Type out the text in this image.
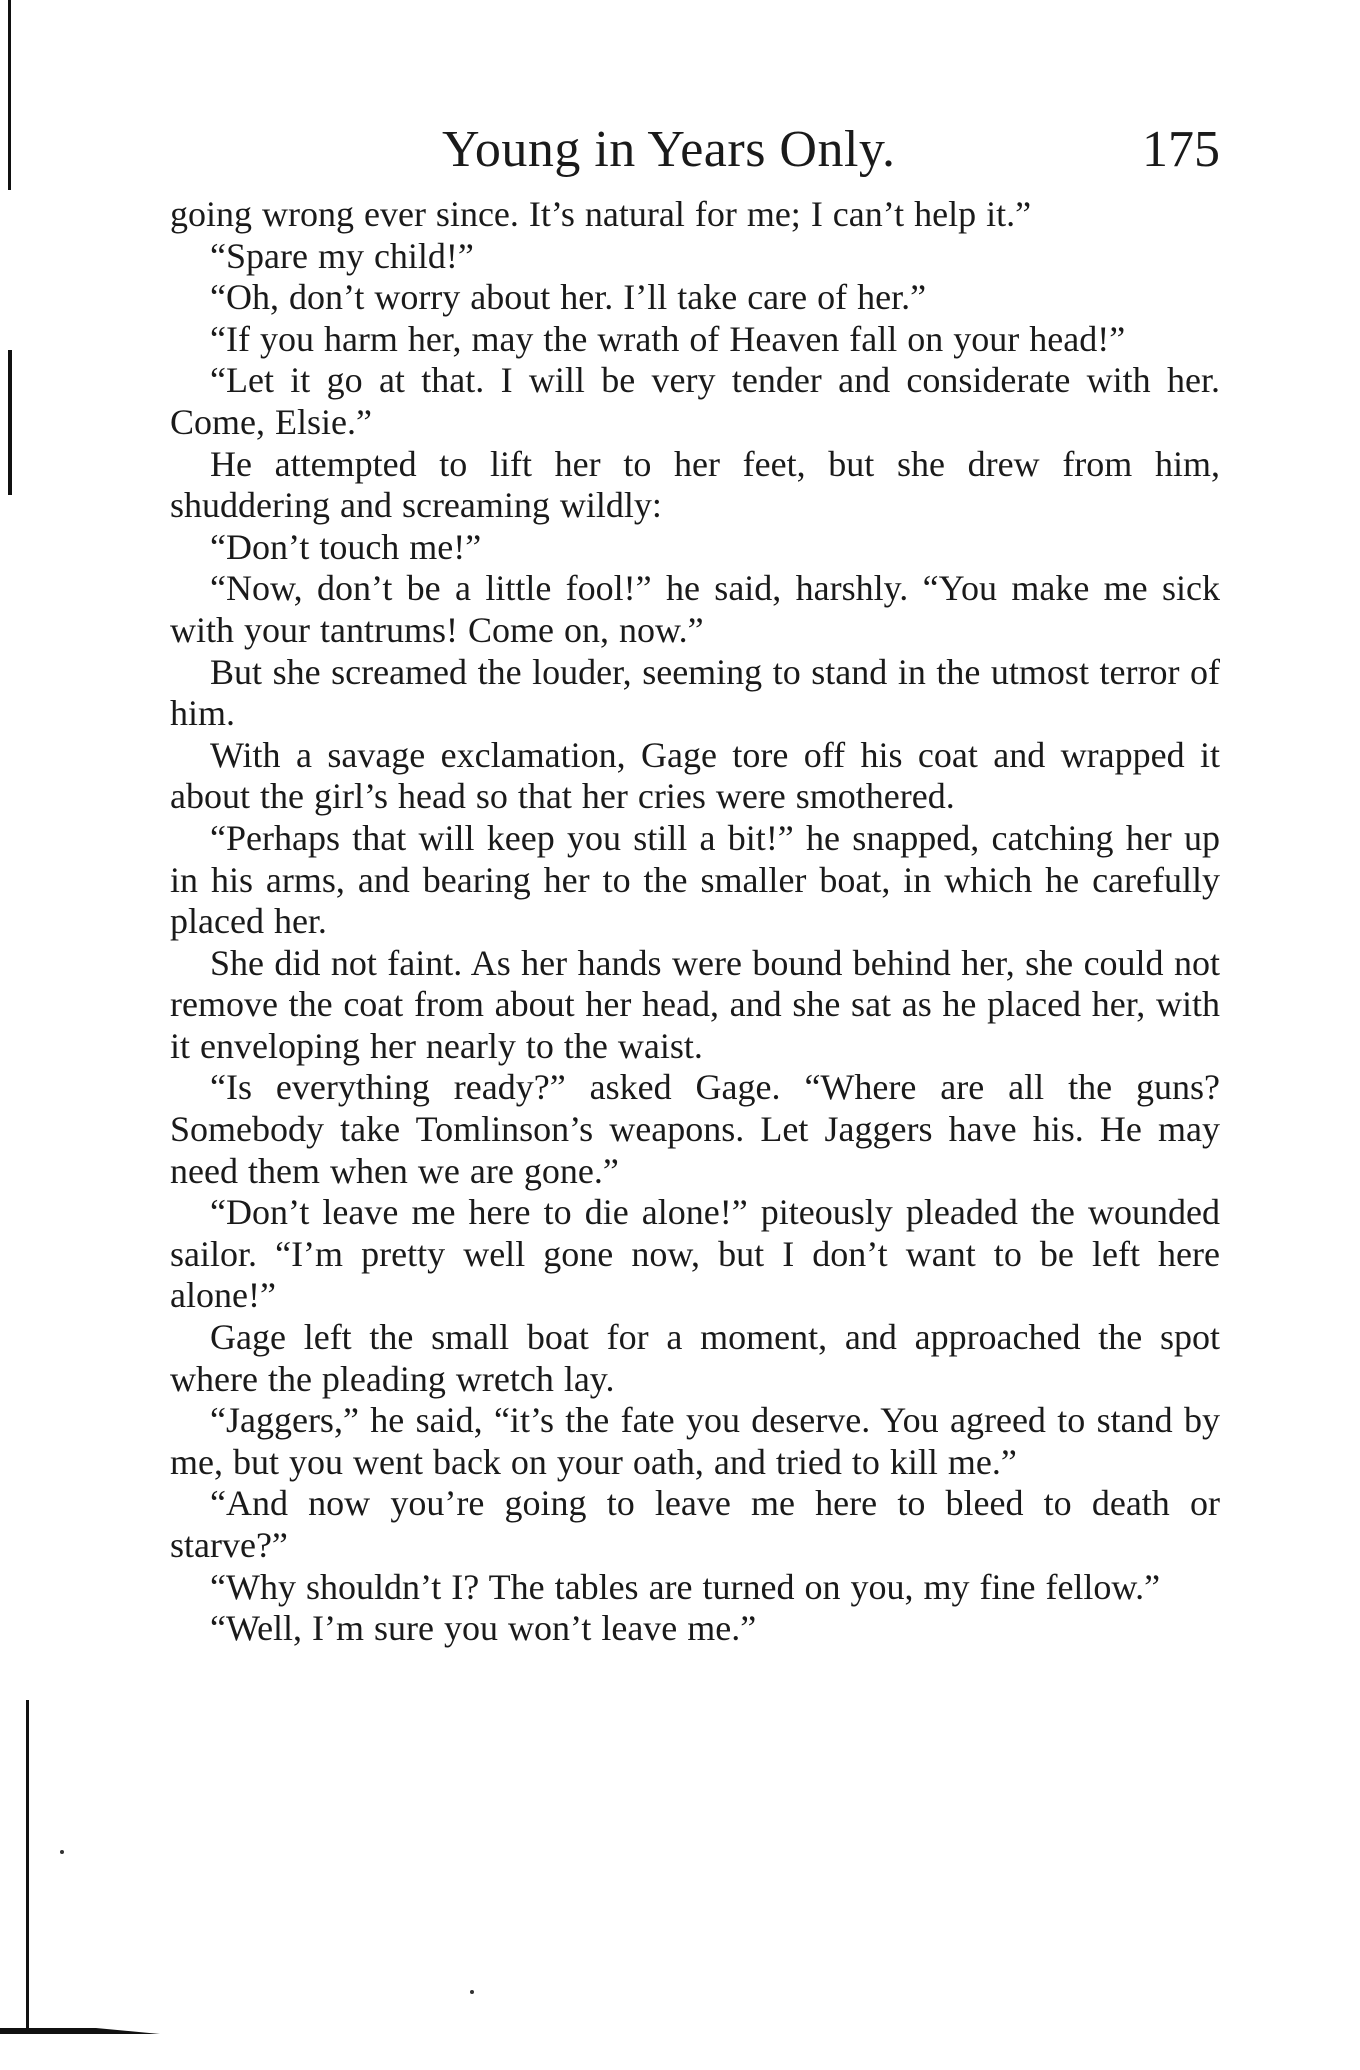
Young in Years Only.	175

going wrong ever since. It’s natural for me; I can’t help it.”

“Spare my child!”

“Oh, don’t worry about her. I’ll take care of her.”

“If you harm her, may the wrath of Heaven fall on your head!”

“Let it go at that. I will be very tender and considerate with her. Come, Elsie.”

He attempted to lift her to her feet, but she drew from him, shuddering and screaming wildly:

“Don’t touch me!”

“Now, don’t be a little fool!” he said, harshly. “You make me sick with your tantrums! Come on, now.”

But she screamed the louder, seeming to stand in the utmost terror of him.

With a savage exclamation, Gage tore off his coat and wrapped it about the girl’s head so that her cries were smothered.

“Perhaps that will keep you still a bit!” he snapped, catching her up in his arms, and bearing her to the smaller boat, in which he carefully placed her.

She did not faint. As her hands were bound behind her, she could not remove the coat from about her head, and she sat as he placed her, with it enveloping her nearly to the waist.

“Is everything ready?” asked Gage. “Where are all the guns? Somebody take Tomlinson’s weapons. Let Jaggers have his. He may need them when we are gone.”

“Don’t leave me here to die alone!” piteously pleaded the wounded sailor. “I’m pretty well gone now, but I don’t want to be left here alone!”

Gage left the small boat for a moment, and approached the spot where the pleading wretch lay.

“Jaggers,” he said, “it’s the fate you deserve. You agreed to stand by me, but you went back on your oath, and tried to kill me.”

“And now you’re going to leave me here to bleed to death or starve?”

“Why shouldn’t I? The tables are turned on you, my fine fellow.”

“Well, I’m sure you won’t leave me.”
